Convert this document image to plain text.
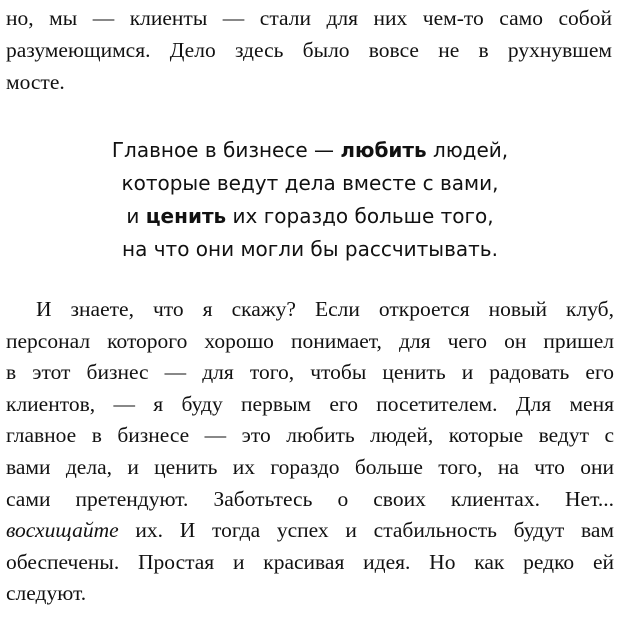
но, мы — клиенты — стали для них чем-то само собой
разумеющимся. Дело здесь было вовсе не в рухнувшем
мосте.
Главное в бизнесе — любить людей,
которые ведут дела вместе с вами,
и ценить их гораздо больше того,
на что они могли бы рассчитывать.
И знаете, что я скажу? Если откроется новый клуб,
персонал которого хорошо понимает, для чего он пришел
в этот бизнес — для того, чтобы ценить и радовать его
клиентов, — я буду первым его посетителем. Для меня
главное в бизнесе — это любить людей, которые ведут с
вами дела, и ценить их гораздо больше того, на что они
сами претендуют. Заботьтесь о своих клиентах. Нет...
восхищайте их. И тогда успех и стабильность будут вам
обеспечены. Простая и красивая идея. Но как редко ей
следуют.
